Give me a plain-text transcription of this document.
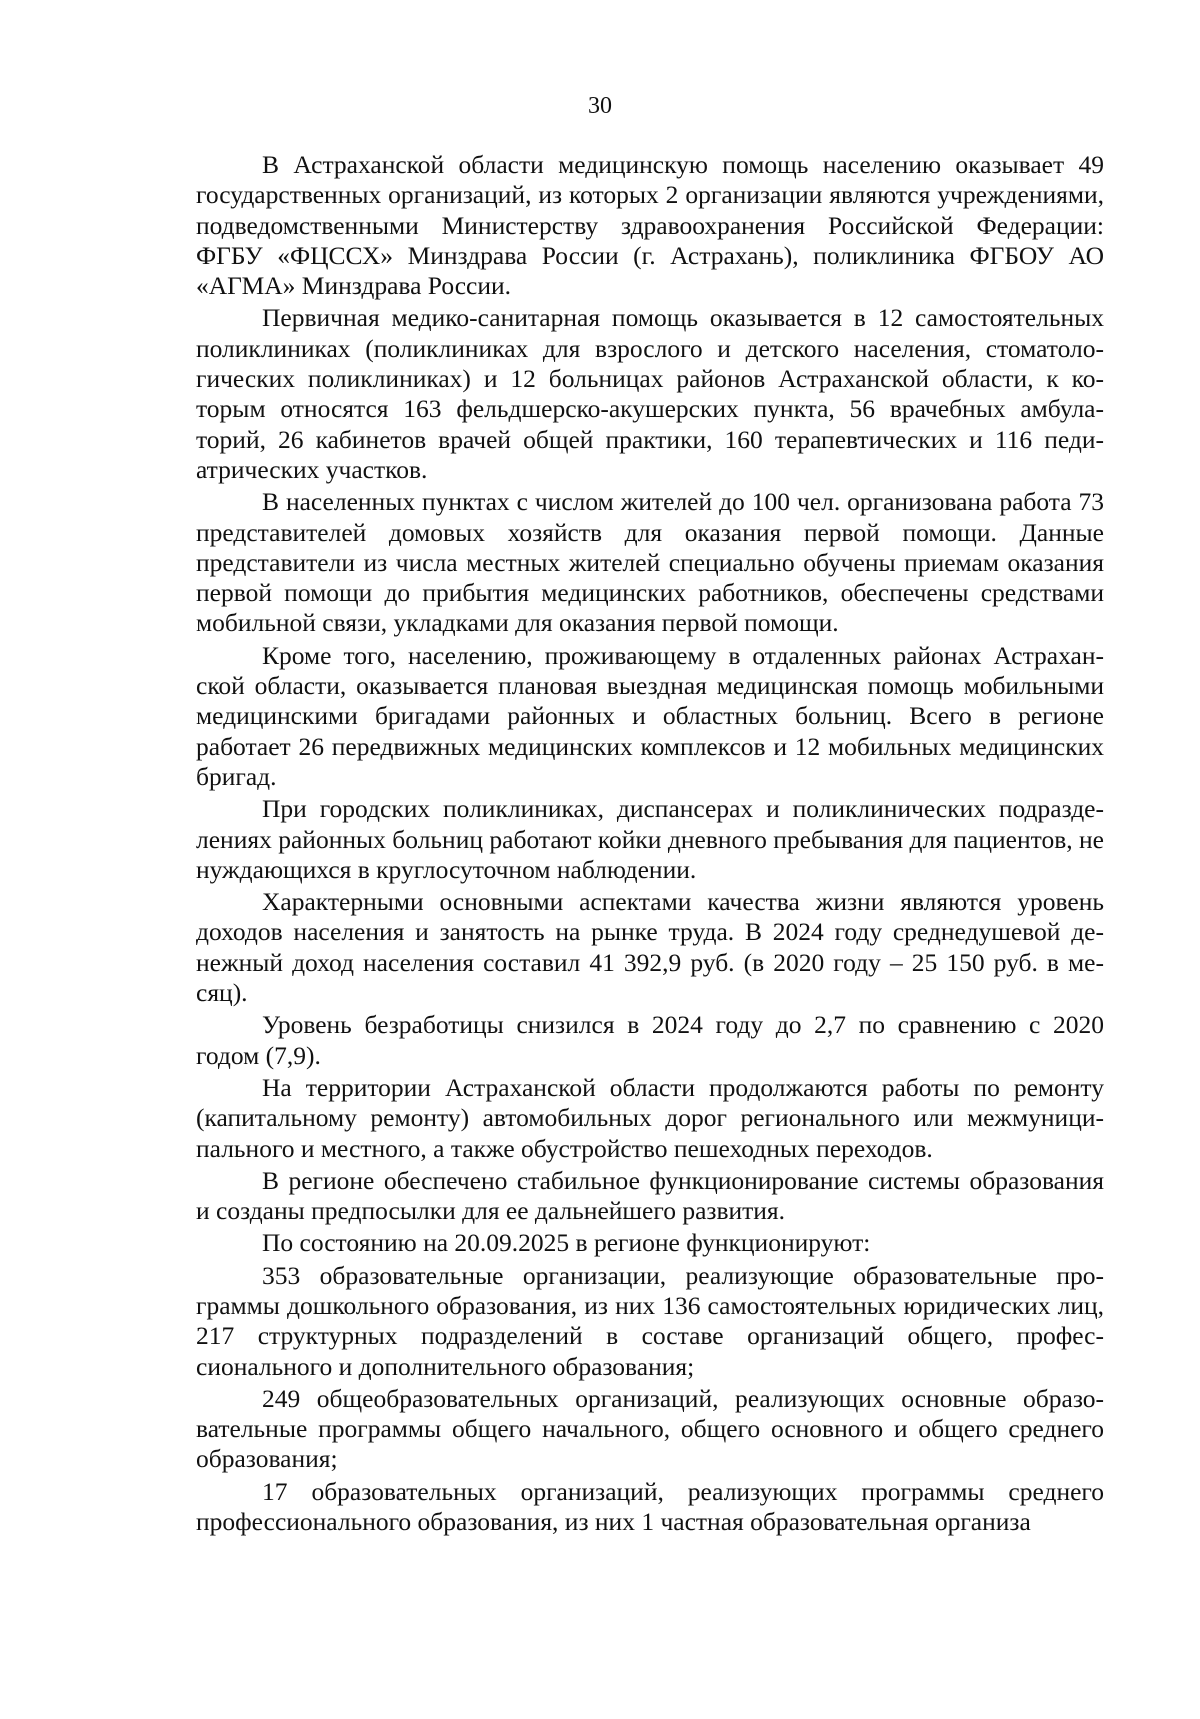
30

В Астраханской области медицинскую помощь населению оказывает 49 государственных организаций, из которых 2 организации являются учреждениями, подведомственными Министерству здравоохранения Российской Федерации: ФГБУ «ФЦССХ» Минздрава России (г. Астрахань), поликлиника ФГБОУ АО «АГМА» Минздрава России.

Первичная медико-санитарная помощь оказывается в 12 самостоятельных поликлиниках (поликлиниках для взрослого и детского населения, стоматологических поликлиниках) и 12 больницах районов Астраханской области, к которым относятся 163 фельдшерско-акушерских пункта, 56 врачебных амбулаторий, 26 кабинетов врачей общей практики, 160 терапевтических и 116 педиатрических участков.

В населенных пунктах с числом жителей до 100 чел. организована работа 73 представителей домовых хозяйств для оказания первой помощи. Данные представители из числа местных жителей специально обучены приемам оказания первой помощи до прибытия медицинских работников, обеспечены средствами мобильной связи, укладками для оказания первой помощи.

Кроме того, населению, проживающему в отдаленных районах Астраханской области, оказывается плановая выездная медицинская помощь мобильными медицинскими бригадами районных и областных больниц. Всего в регионе работает 26 передвижных медицинских комплексов и 12 мобильных медицинских бригад.

При городских поликлиниках, диспансерах и поликлинических подразделениях районных больниц работают койки дневного пребывания для пациентов, не нуждающихся в круглосуточном наблюдении.

Характерными основными аспектами качества жизни являются уровень доходов населения и занятость на рынке труда. В 2024 году среднедушевой денежный доход населения составил 41 392,9 руб. (в 2020 году – 25 150 руб. в месяц).

Уровень безработицы снизился в 2024 году до 2,7 по сравнению с 2020 годом (7,9).

На территории Астраханской области продолжаются работы по ремонту (капитальному ремонту) автомобильных дорог регионального или межмуниципального и местного, а также обустройство пешеходных переходов.

В регионе обеспечено стабильное функционирование системы образования и созданы предпосылки для ее дальнейшего развития.

По состоянию на 20.09.2025 в регионе функционируют:

353 образовательные организации, реализующие образовательные программы дошкольного образования, из них 136 самостоятельных юридических лиц, 217 структурных подразделений в составе организаций общего, профессионального и дополнительного образования;

249 общеобразовательных организаций, реализующих основные образовательные программы общего начального, общего основного и общего среднего образования;

17 образовательных организаций, реализующих программы среднего профессионального образования, из них 1 частная образовательная организа
